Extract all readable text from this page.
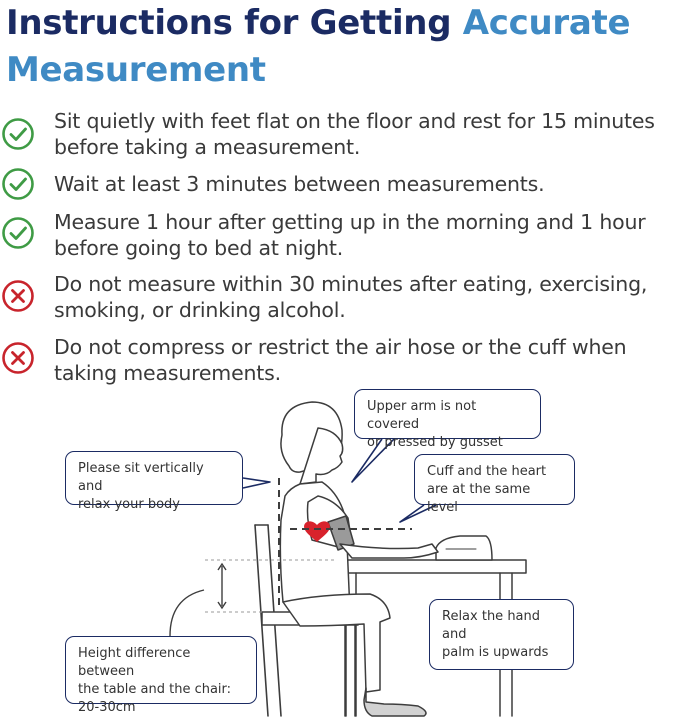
Instructions for Getting Accurate
Measurement

Sit quietly with feet flat on the floor and rest for 15 minutes
before taking a measurement.

Wait at least 3 minutes between measurements.

Measure 1 hour after getting up in the morning and 1 hour
before going to bed at night.

Do not measure within 30 minutes after eating, exercising,
smoking, or drinking alcohol.

Do not compress or restrict the air hose or the cuff when
taking measurements.

Upper arm is not covered
or pressed by gusset
Please sit vertically and
relax your body
Cuff and the heart
are at the same level
Height difference between
the table and the chair:
20-30cm
Relax the hand and
palm is upwards
